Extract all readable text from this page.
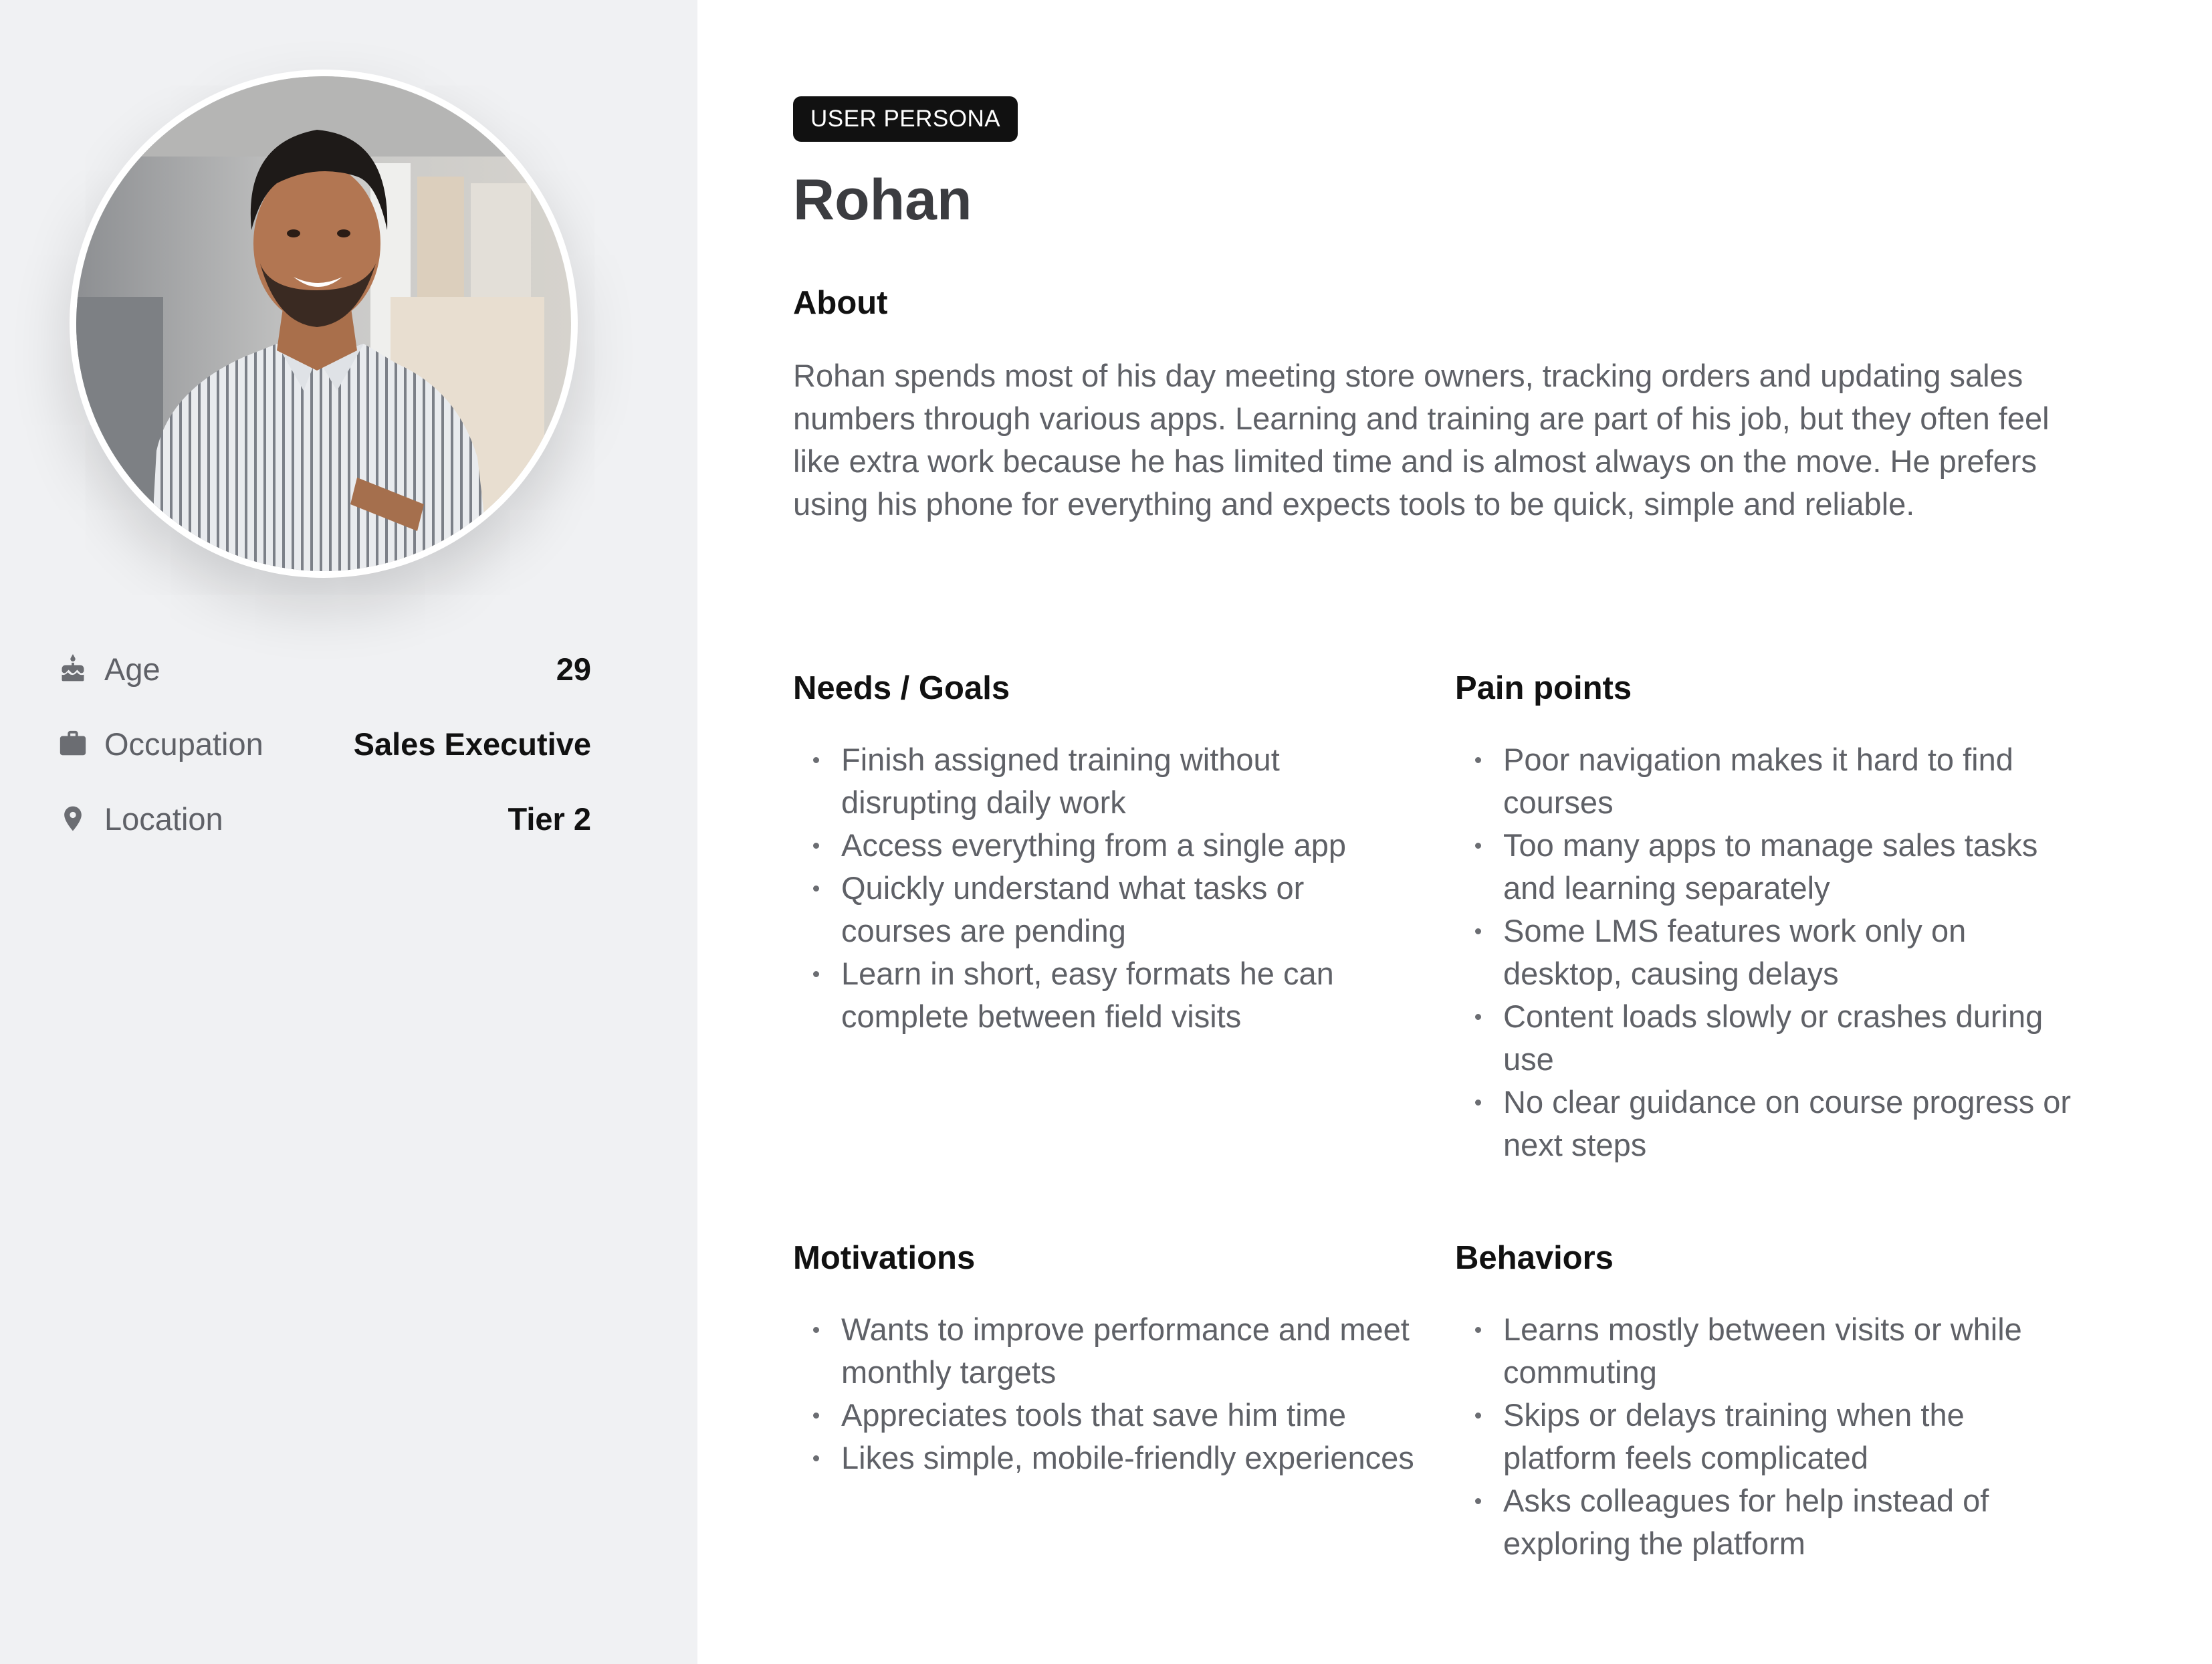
Age	29
Occupation	Sales Executive
Location	Tier 2
USER PERSONA
Rohan
About

Rohan spends most of his day meeting store owners, tracking orders and updating sales numbers through various apps. Learning and training are part of his job, but they often feel like extra work because he has limited time and is almost always on the move. He prefers using his phone for everything and expects tools to be quick, simple and reliable.

Needs / Goals
Finish assigned training without disrupting daily work
Access everything from a single app
Quickly understand what tasks or courses are pending
Learn in short, easy formats he can complete between field visits
Pain points
Poor navigation makes it hard to find courses
Too many apps to manage sales tasks and learning separately
Some LMS features work only on desktop, causing delays
Content loads slowly or crashes during use
No clear guidance on course progress or next steps
Motivations
Wants to improve performance and meet monthly targets
Appreciates tools that save him time
Likes simple, mobile-friendly experiences
Behaviors
Learns mostly between visits or while commuting
Skips or delays training when the platform feels complicated
Asks colleagues for help instead of exploring the platform
